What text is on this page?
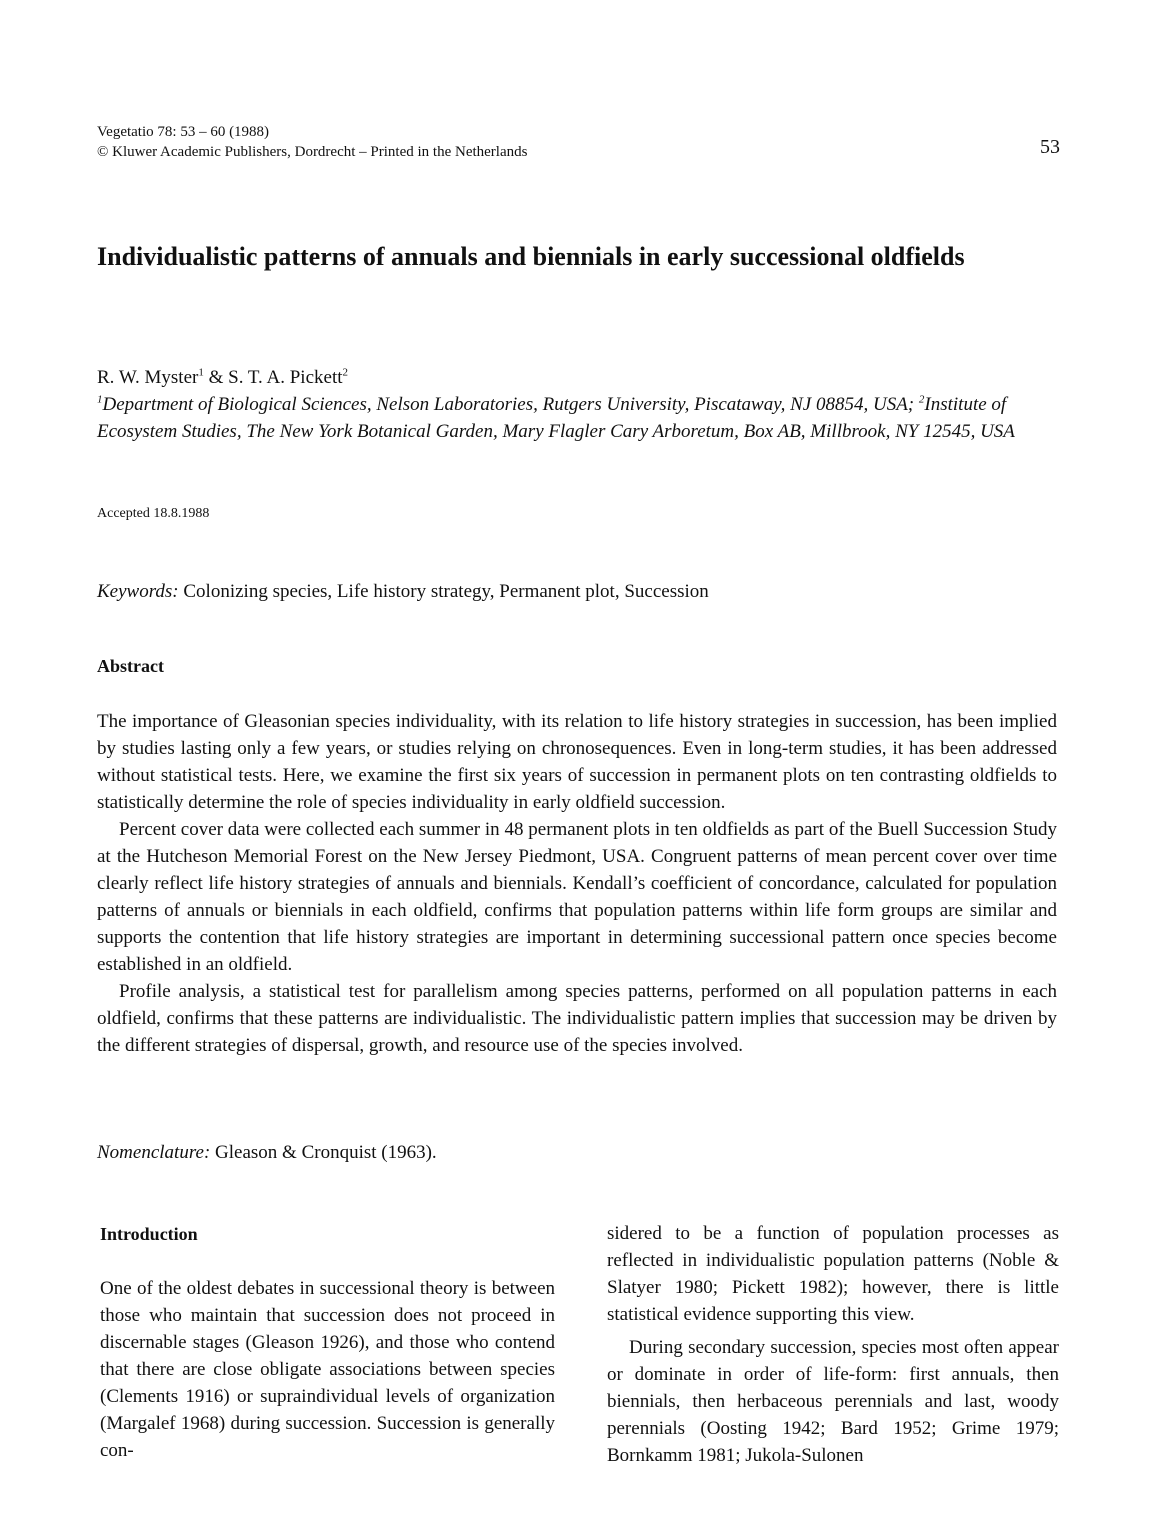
Vegetatio 78: 53 – 60 (1988)
© Kluwer Academic Publishers, Dordrecht – Printed in the Netherlands	53
Individualistic patterns of annuals and biennials in early successional oldfields
R. W. Myster$^1$ & S. T. A. Pickett$^2$
$^1$Department of Biological Sciences, Nelson Laboratories, Rutgers University, Piscataway, NJ 08854, USA; $^2$Institute of Ecosystem Studies, The New York Botanical Garden, Mary Flagler Cary Arboretum, Box AB, Millbrook, NY 12545, USA
Accepted 18.8.1988
Keywords: Colonizing species, Life history strategy, Permanent plot, Succession
Abstract

The importance of Gleasonian species individuality, with its relation to life history strategies in succession, has been implied by studies lasting only a few years, or studies relying on chronosequences. Even in long-term studies, it has been addressed without statistical tests. Here, we examine the first six years of succession in permanent plots on ten contrasting oldfields to statistically determine the role of species individuality in early oldfield succession.

Percent cover data were collected each summer in 48 permanent plots in ten oldfields as part of the Buell Succession Study at the Hutcheson Memorial Forest on the New Jersey Piedmont, USA. Congruent patterns of mean percent cover over time clearly reflect life history strategies of annuals and biennials. Kendall’s coefficient of concordance, calculated for population patterns of annuals or biennials in each oldfield, confirms that population patterns within life form groups are similar and supports the contention that life history strategies are important in determining successional pattern once species become established in an oldfield.

Profile analysis, a statistical test for parallelism among species patterns, performed on all population patterns in each oldfield, confirms that these patterns are individualistic. The individualistic pattern implies that succession may be driven by the different strategies of dispersal, growth, and resource use of the species involved.

Nomenclature: Gleason & Cronquist (1963).
Introduction

One of the oldest debates in successional theory is between those who maintain that succession does not proceed in discernable stages (Gleason 1926), and those who contend that there are close obligate associations between species (Clements 1916) or supraindividual levels of organization (Margalef 1968) during succession. Succession is generally con-

sidered to be a function of population processes as reflected in individualistic population patterns (Noble & Slatyer 1980; Pickett 1982); however, there is little statistical evidence supporting this view.

During secondary succession, species most often appear or dominate in order of life-form: first annuals, then biennials, then herbaceous perennials and last, woody perennials (Oosting 1942; Bard 1952; Grime 1979; Bornkamm 1981; Jukola-Sulonen
